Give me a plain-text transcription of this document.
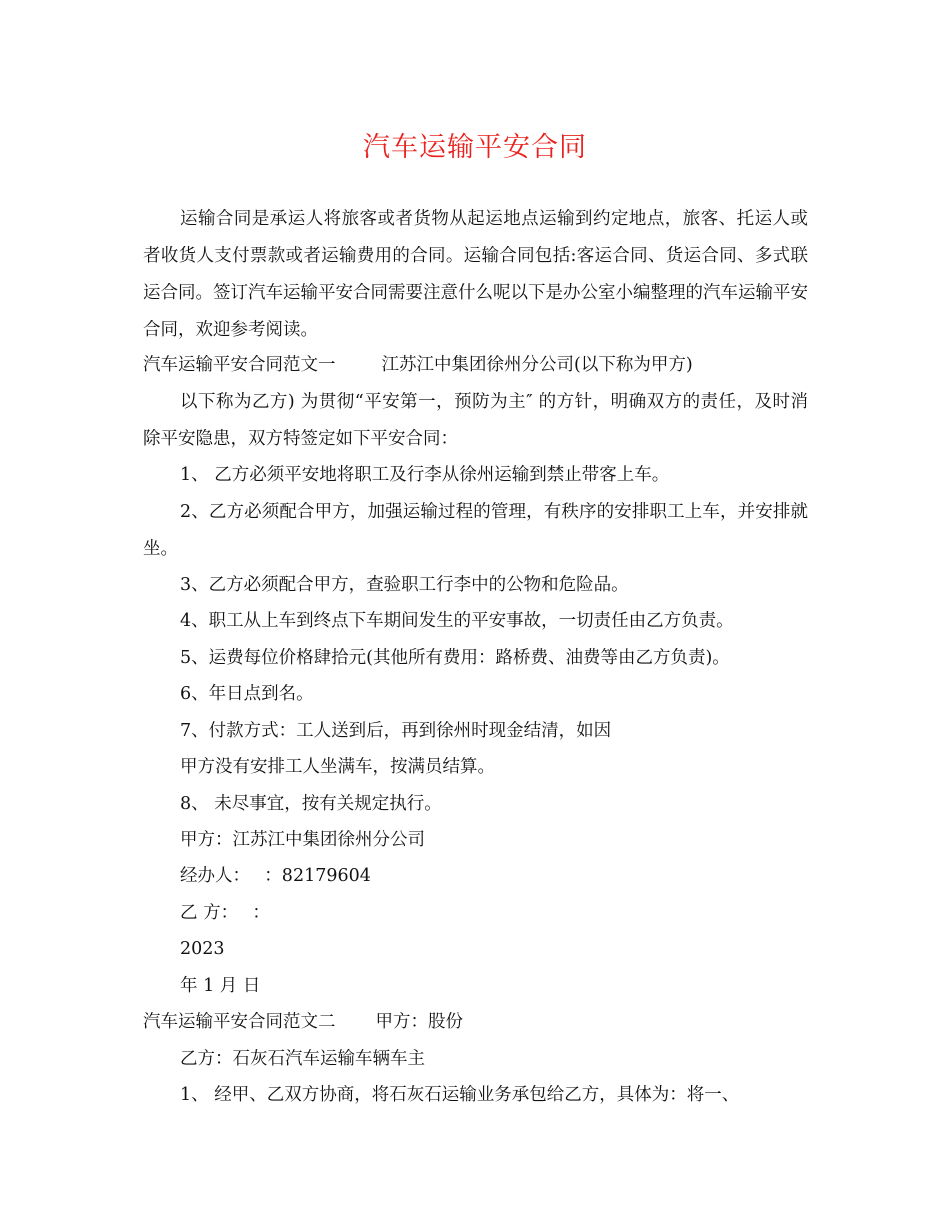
汽车运输平安合同

运输合同是承运人将旅客或者货物从起运地点运输到约定地点，旅客、托运人或者收货人支付票款或者运输费用的合同。运输合同包括:客运合同、货运合同、多式联运合同。签订汽车运输平安合同需要注意什么呢以下是办公室小编整理的汽车运输平安合同，欢迎参考阅读。

汽车运输平安合同范文一	江苏江中集团徐州分公司(以下称为甲方)

以下称为乙方) 为贯彻“平安第一，预防为主″ 的方针，明确双方的责任，及时消除平安隐患，双方特签定如下平安合同：

1、 乙方必须平安地将职工及行李从徐州运输到禁止带客上车。

2、乙方必须配合甲方，加强运输过程的管理，有秩序的安排职工上车，并安排就坐。

3、乙方必须配合甲方，查验职工行李中的公物和危险品。
4、职工从上车到终点下车期间发生的平安事故，一切责任由乙方负责。
5、运费每位价格肆拾元(其他所有费用：路桥费、油费等由乙方负责)。
6、年日点到名。
7、付款方式：工人送到后，再到徐州时现金结清，如因
甲方没有安排工人坐满车，按满员结算。
8、 未尽事宜，按有关规定执行。
甲方：江苏江中集团徐州分公司
经办人：　 ：82179604
乙 方：　 ：
2023
年 1 月 日
汽车运输平安合同范文二 甲方：股份
乙方：石灰石汽车运输车辆车主
1、 经甲、乙双方协商，将石灰石运输业务承包给乙方，具体为：将一、
